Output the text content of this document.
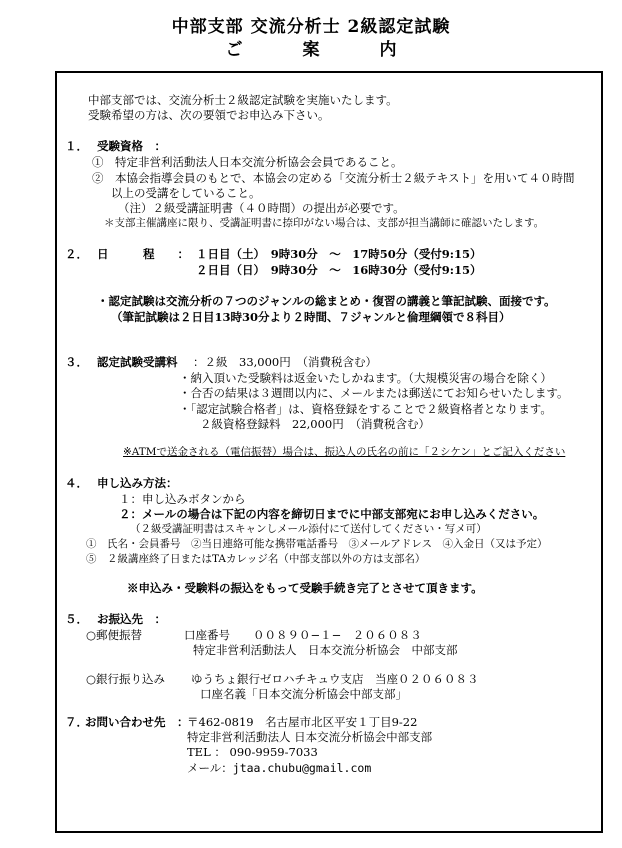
中部支部 交流分析士 2級認定試験
ご	案	内
中部支部では、交流分析士２級認定試験を実施いたします。
受験希望の方は、次の要領でお申込み下さい。
１． 受験資格　：
①　特定非営利活動法人日本交流分析協会会員であること。
②　本協会指導会員のもとで、本協会の定める「交流分析士２級テキスト」を用いて４０時間
以上の受講をしていること。
（注）２級受講証明書（４０時間）の提出が必要です。
＊支部主催講座に限り、受講証明書に捺印がない場合は、支部が担当講師に確認いたします。
２． 日　　　程　　： １日目（土）　9時30分　～　17時50分（受付9:15）
２日目（日）　9時30分　～　16時30分（受付9:15）
・認定試験は交流分析の７つのジャンルの総まとめ・復習の講義と筆記試験、面接です。
（筆記試験は２日目13時30分より２時間、７ジャンルと倫理綱領で８科目）
３． 認定試験受講料 ：２級　33,000円　（消費税含む）
・納入頂いた受験料は返金いたしかねます。（大規模災害の場合を除く）
・合否の結果は３週間以内に、メールまたは郵送にてお知らせいたします。
・「認定試験合格者」は、資格登録をすることで２級資格者となります。
２級資格登録料　22,000円　（消費税含む）
※ATMで送金される（電信振替）場合は、振込人の氏名の前に「２シケン」とご記入ください
４． 申し込み方法：
１：申し込みボタンから
２：メールの場合は下記の内容を締切日までに中部支部宛にお申し込みください。
（２級受講証明書はスキャンしメール添付にて送付してください・写メ可）
①　氏名・会員番号　②当日連絡可能な携帯電話番号　③メールアドレス　④入金日（又は予定）
⑤　２級講座終了日またはTAカレッジ名（中部支部以外の方は支部名）
※申込み・受験料の振込をもって受験手続き完了とさせて頂きます。
５． お振込先　：
○郵便振替	口座番号　　００８９０−１−　２０６０８３
特定非営利活動法人　日本交流分析協会　中部支部
○銀行振り込み ゆうちょ銀行ゼロハチキュウ支店　当座０２０６０８３
口座名義「日本交流分析協会中部支部」
７．
お問い合わせ先　：
〒462-0819　名古屋市北区平安１丁目9-22
特定非営利活動法人 日本交流分析協会中部支部
TEL ： 090-9959-7033
メール：jtaa.chubu@gmail.com
